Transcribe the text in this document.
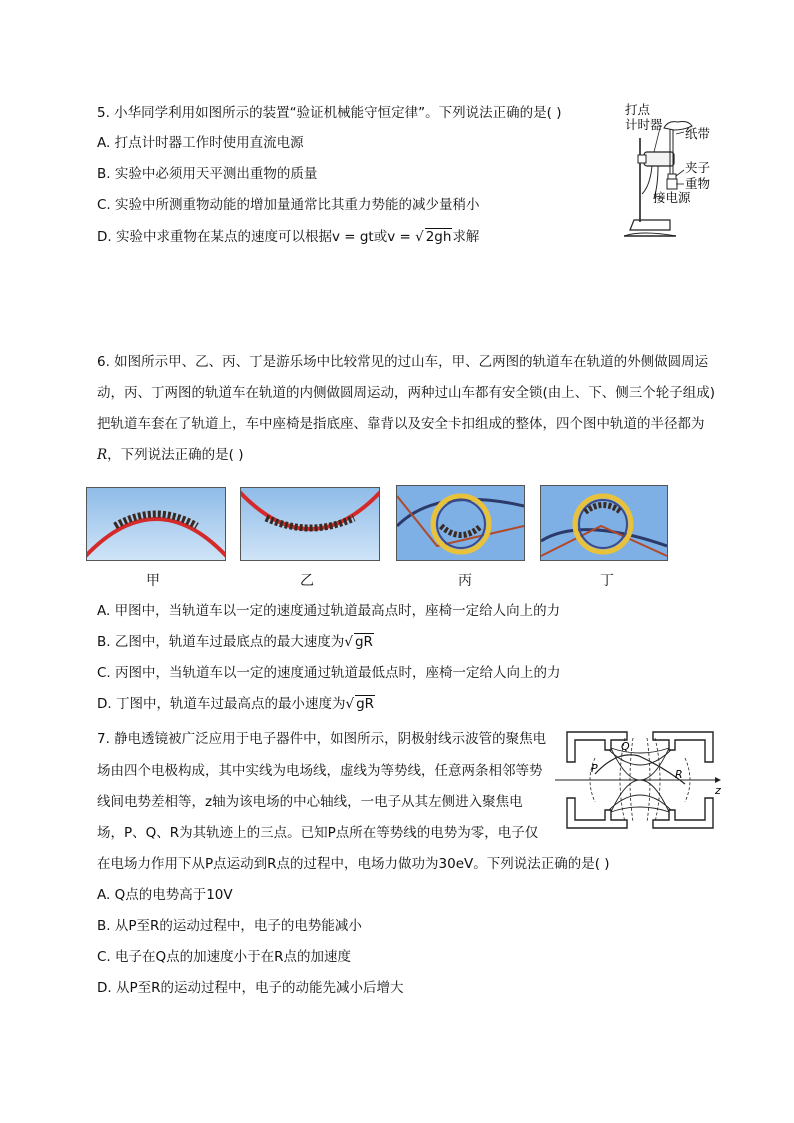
5. 小华同学利用如图所示的装置“验证机械能守恒定律”。下列说法正确的是( )
A. 打点计时器工作时使用直流电源
B. 实验中必须用天平测出重物的质量
C. 实验中所测重物动能的增加量通常比其重力势能的减少量稍小
D. 实验中求重物在某点的速度可以根据v = gt或v = √ 2gh求解
打点
计时器
纸带
夹子
重物
接电源
6. 如图所示甲、乙、丙、丁是游乐场中比较常见的过山车，甲、乙两图的轨道车在轨道的外侧做圆周运
动，丙、丁两图的轨道车在轨道的内侧做圆周运动，两种过山车都有安全锁(由上、下、侧三个轮子组成)
把轨道车套在了轨道上，车中座椅是指底座、靠背以及安全卡扣组成的整体，四个图中轨道的半径都为
R，下列说法正确的是( )
甲	乙	丙	丁
A. 甲图中，当轨道车以一定的速度通过轨道最高点时，座椅一定给人向上的力
B. 乙图中，轨道车过最底点的最大速度为√ gR
C. 丙图中，当轨道车以一定的速度通过轨道最低点时，座椅一定给人向上的力
D. 丁图中，轨道车过最高点的最小速度为√ gR
7. 静电透镜被广泛应用于电子器件中，如图所示，阴极射线示波管的聚焦电
场由四个电极构成，其中实线为电场线，虚线为等势线，任意两条相邻等势
线间电势差相等，z轴为该电场的中心轴线，一电子从其左侧进入聚焦电
场，P、Q、R为其轨迹上的三点。已知P点所在等势线的电势为零，电子仅
在电场力作用下从P点运动到R点的过程中，电场力做功为30eV。下列说法正确的是( )
A. Q点的电势高于10V
B. 从P至R的运动过程中，电子的电势能减小
C. 电子在Q点的加速度小于在R点的加速度
D. 从P至R的运动过程中，电子的动能先减小后增大
P
Q
R
z
